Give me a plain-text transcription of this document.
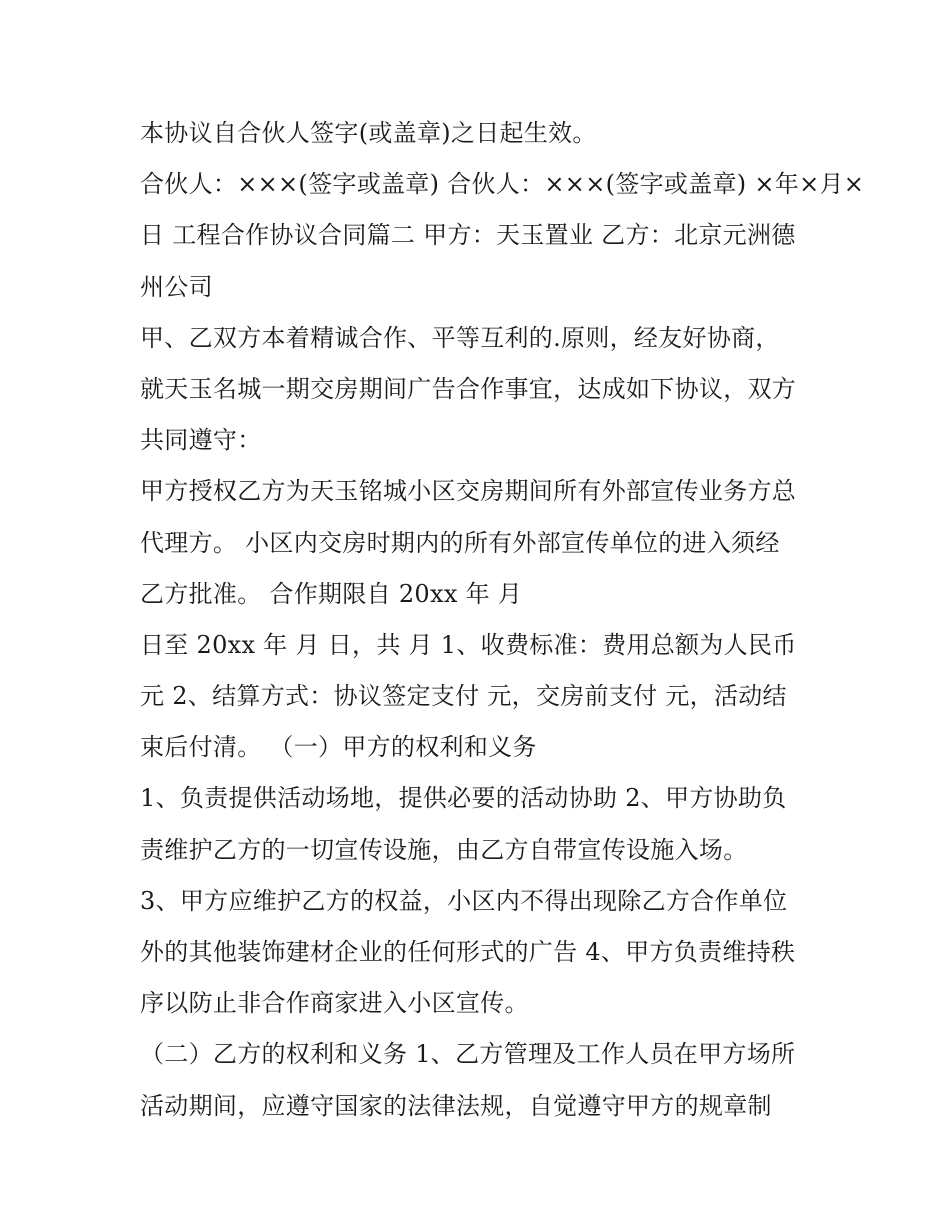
本协议自合伙人签字(或盖章)之日起生效。
合伙人：×××(签字或盖章) 合伙人：×××(签字或盖章) ×年×月×
日 工程合作协议合同篇二 甲方：天玉置业 乙方：北京元洲德
州公司
甲、乙双方本着精诚合作、平等互利的.原则，经友好协商，
就天玉名城一期交房期间广告合作事宜，达成如下协议，双方
共同遵守：
甲方授权乙方为天玉铭城小区交房期间所有外部宣传业务方总
代理方。 小区内交房时期内的所有外部宣传单位的进入须经
乙方批准。 合作期限自 20xx 年 月
日至 20xx 年 月 日，共 月 1、收费标准：费用总额为人民币
元 2、结算方式：协议签定支付 元，交房前支付 元，活动结
束后付清。 （一）甲方的权利和义务
1、负责提供活动场地，提供必要的活动协助 2、甲方协助负
责维护乙方的一切宣传设施，由乙方自带宣传设施入场。
3、甲方应维护乙方的权益，小区内不得出现除乙方合作单位
外的其他装饰建材企业的任何形式的广告 4、甲方负责维持秩
序以防止非合作商家进入小区宣传。
（二）乙方的权利和义务 1、乙方管理及工作人员在甲方场所
活动期间，应遵守国家的法律法规，自觉遵守甲方的规章制
